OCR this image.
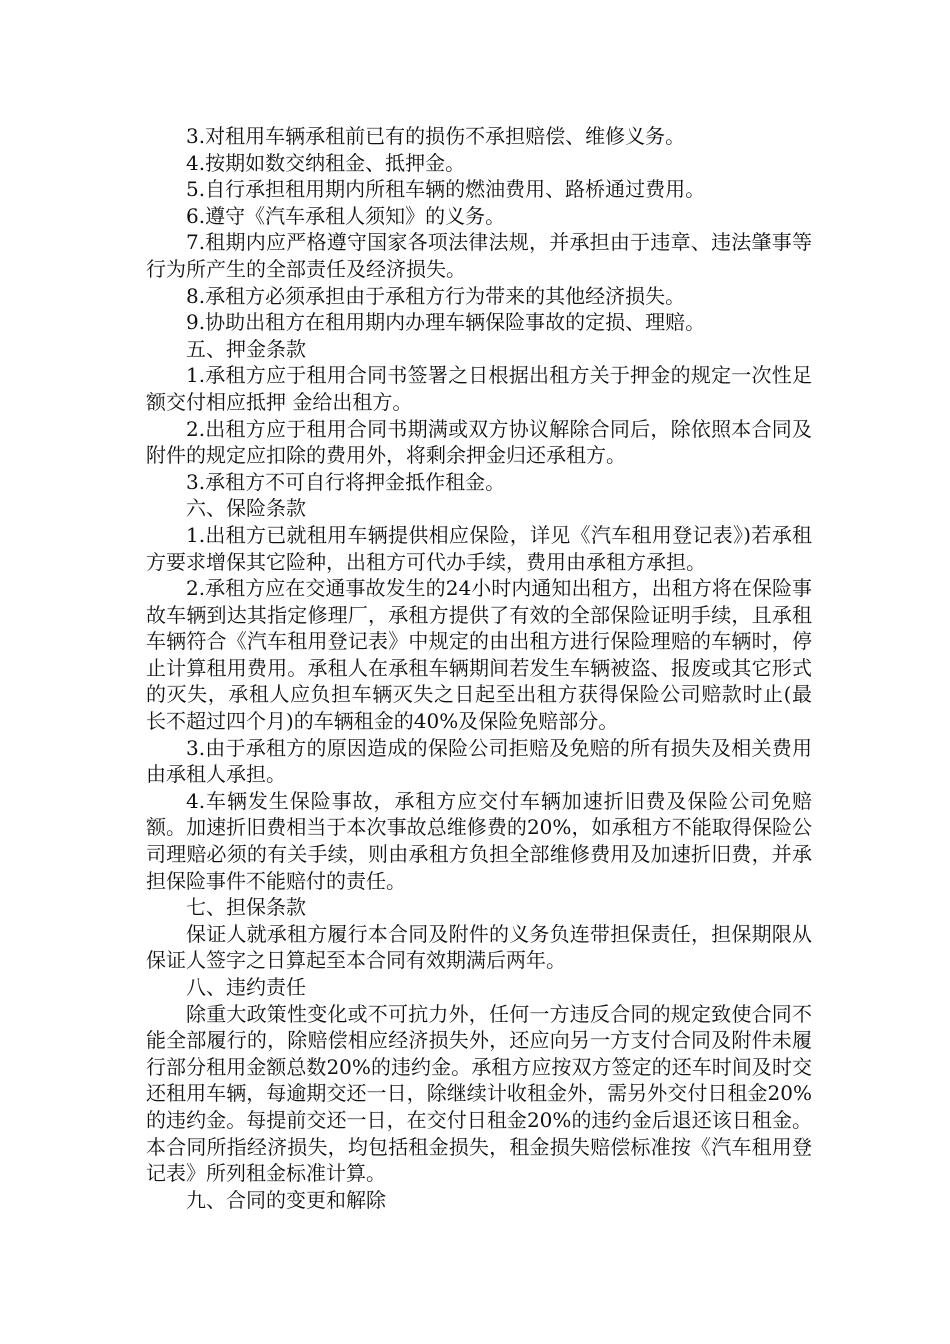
3.对租用车辆承租前已有的损伤不承担赔偿、维修义务。

4.按期如数交纳租金、抵押金。

5.自行承担租用期内所租车辆的燃油费用、路桥通过费用。

6.遵守《汽车承租人须知》的义务。

7.租期内应严格遵守国家各项法律法规，并承担由于违章、违法肇事等行为所产生的全部责任及经济损失。

8.承租方必须承担由于承租方行为带来的其他经济损失。

9.协助出租方在租用期内办理车辆保险事故的定损、理赔。

五、押金条款

1.承租方应于租用合同书签署之日根据出租方关于押金的规定一次性足额交付相应抵押 金给出租方。

2.出租方应于租用合同书期满或双方协议解除合同后，除依照本合同及附件的规定应扣除的费用外，将剩余押金归还承租方。

3.承租方不可自行将押金抵作租金。

六、保险条款

1.出租方已就租用车辆提供相应保险，详见《汽车租用登记表》)若承租方要求增保其它险种，出租方可代办手续，费用由承租方承担。

2.承租方应在交通事故发生的24小时内通知出租方，出租方将在保险事故车辆到达其指定修理厂，承租方提供了有效的全部保险证明手续，且承租车辆符合《汽车租用登记表》中规定的由出租方进行保险理赔的车辆时，停止计算租用费用。承租人在承租车辆期间若发生车辆被盗、报废或其它形式的灭失，承租人应负担车辆灭失之日起至出租方获得保险公司赔款时止(最长不超过四个月)的车辆租金的40%及保险免赔部分。

3.由于承租方的原因造成的保险公司拒赔及免赔的所有损失及相关费用由承租人承担。

4.车辆发生保险事故，承租方应交付车辆加速折旧费及保险公司免赔额。加速折旧费相当于本次事故总维修费的20%，如承租方不能取得保险公司理赔必须的有关手续，则由承租方负担全部维修费用及加速折旧费，并承担保险事件不能赔付的责任。

七、担保条款

保证人就承租方履行本合同及附件的义务负连带担保责任，担保期限从保证人签字之日算起至本合同有效期满后两年。

八、违约责任

除重大政策性变化或不可抗力外，任何一方违反合同的规定致使合同不能全部履行的，除赔偿相应经济损失外，还应向另一方支付合同及附件未履行部分租用金额总数20%的违约金。承租方应按双方签定的还车时间及时交还租用车辆，每逾期交还一日，除继续计收租金外，需另外交付日租金20%的违约金。每提前交还一日，在交付日租金20%的违约金后退还该日租金。本合同所指经济损失，均包括租金损失，租金损失赔偿标准按《汽车租用登记表》所列租金标准计算。

九、合同的变更和解除
